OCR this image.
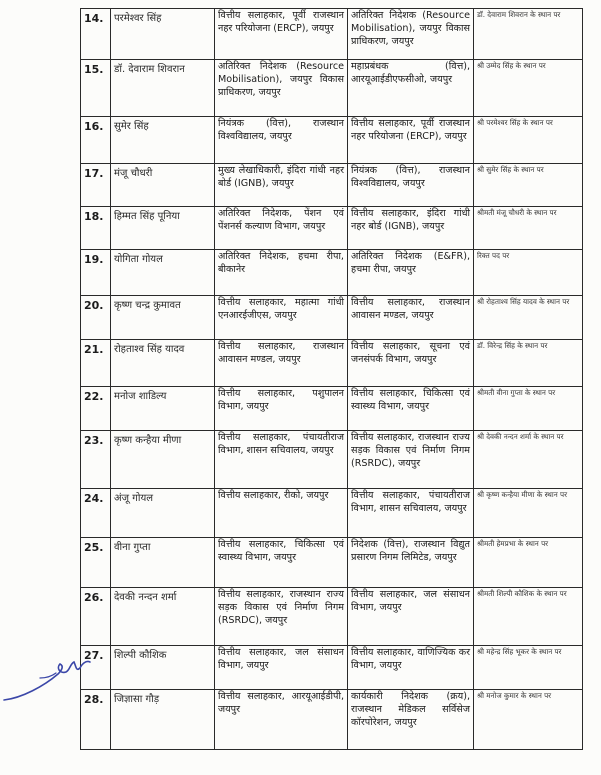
14.	परमेश्वर सिंह	वित्तीय सलाहकार, पूर्वी राजस्थान नहर परियोजना (ERCP), जयपुर	अतिरिक्त निदेशक (Resource Mobilisation), जयपुर विकास प्राधिकरण, जयपुर	डॉ. देवाराम शिवरान के स्थान पर
15.	डॉ. देवाराम शिवरान	अतिरिक्त निदेशक (Resource Mobilisation), जयपुर विकास प्राधिकरण, जयपुर	महाप्रबंधक (वित्त), आरयूआईडीएफसीओ, जयपुर	श्री उम्मेद सिंह के स्थान पर
16.	सुमेर सिंह	नियंत्रक (वित्त), राजस्थान विश्वविद्यालय, जयपुर	वित्तीय सलाहकार, पूर्वी राजस्थान नहर परियोजना (ERCP), जयपुर	श्री परमेश्वर सिंह के स्थान पर
17.	मंजू चौधरी	मुख्य लेखाधिकारी, इंदिरा गांधी नहर बोर्ड (IGNB), जयपुर	नियंत्रक (वित्त), राजस्थान विश्वविद्यालय, जयपुर	श्री सुमेर सिंह के स्थान पर
18.	हिम्मत सिंह पूनिया	अतिरिक्त निदेशक, पेंशन एवं पेंशनर्स कल्याण विभाग, जयपुर	वित्तीय सलाहकार, इंदिरा गांधी नहर बोर्ड (IGNB), जयपुर	श्रीमती मंजू चौधरी के स्थान पर
19.	योगिता गोयल	अतिरिक्त निदेशक, हचमा रीपा, बीकानेर	अतिरिक्त निदेशक (E&FR), हचमा रीपा, जयपुर	रिक्त पद पर
20.	कृष्ण चन्द्र कुमावत	वित्तीय सलाहकार, महात्मा गांधी एनआरईजीएस, जयपुर	वित्तीय सलाहकार, राजस्थान आवासन मण्डल, जयपुर	श्री रोहताश्व सिंह यादव के स्थान पर
21.	रोहताश्व सिंह यादव	वित्तीय सलाहकार, राजस्थान आवासन मण्डल, जयपुर	वित्तीय सलाहकार, सूचना एवं जनसंपर्क विभाग, जयपुर	डॉ. विरेन्द्र सिंह के स्थान पर
22.	मनोज शाडिल्य	वित्तीय सलाहकार, पशुपालन विभाग, जयपुर	वित्तीय सलाहकार, चिकित्सा एवं स्वास्थ्य विभाग, जयपुर	श्रीमती वीना गुप्ता के स्थान पर
23.	कृष्ण कन्हैया मीणा	वित्तीय सलाहकार, पंचायतीराज विभाग, शासन सचिवालय, जयपुर	वित्तीय सलाहकार, राजस्थान राज्य सड़क विकास एवं निर्माण निगम (RSRDC), जयपुर	श्री देवकी नन्दन शर्मा के स्थान पर
24.	अंजू गोयल	वित्तीय सलाहकार, रीको, जयपुर	वित्तीय सलाहकार, पंचायतीराज विभाग, शासन सचिवालय, जयपुर	श्री कृष्ण कन्हैया मीणा के स्थान पर
25.	वीना गुप्ता	वित्तीय सलाहकार, चिकित्सा एवं स्वास्थ्य विभाग, जयपुर	निदेशक (वित्त), राजस्थान विद्युत प्रसारण निगम लिमिटेड, जयपुर	श्रीमती हेमप्रभा के स्थान पर
26.	देवकी नन्दन शर्मा	वित्तीय सलाहकार, राजस्थान राज्य सड़क विकास एवं निर्माण निगम (RSRDC), जयपुर	वित्तीय सलाहकार, जल संसाधन विभाग, जयपुर	श्रीमती शिल्पी कौशिक के स्थान पर
27.	शिल्पी कौशिक	वित्तीय सलाहकार, जल संसाधन विभाग, जयपुर	वित्तीय सलाहकार, वाणिज्यिक कर विभाग, जयपुर	श्री महेन्द्र सिंह भूकर के स्थान पर
28.	जिज्ञासा गौड़	वित्तीय सलाहकार, आरयूआईडीपी, जयपुर	कार्यकारी निदेशक (क्रय), राजस्थान मेडिकल सर्विसेज कॉरपोरेशन, जयपुर	श्री मनोज कुमार के स्थान पर
